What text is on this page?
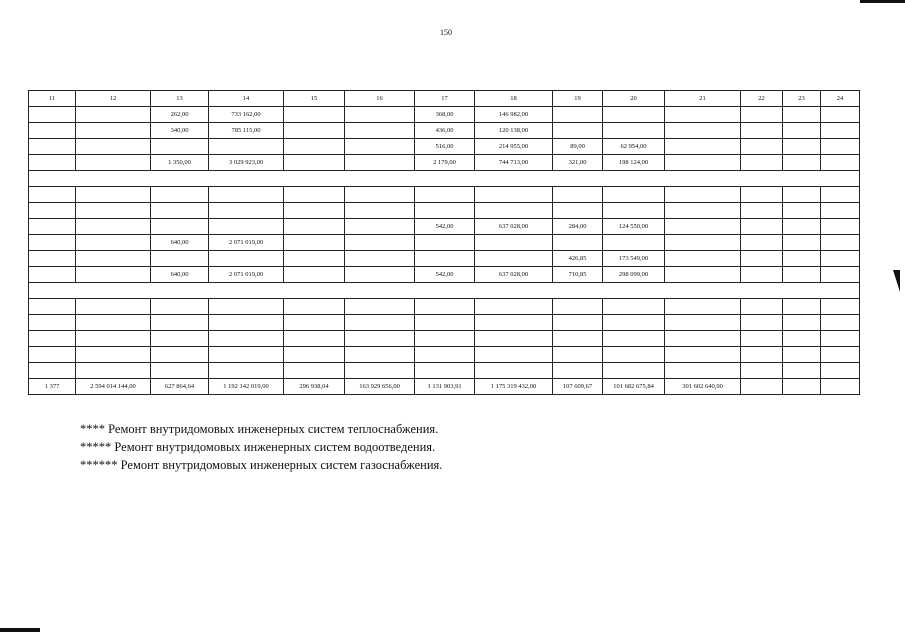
150
11	12	13	14	15	16	17	18	19	20	21	22	23	24
		262,00	733 162,00			368,00	146 982,00						
		340,00	785 115,00			436,00	120 138,00						
						516,00	214 955,00	89,00	62 954,00				
		1 350,00	3 029 923,00			2 179,00	744 713,00	321,00	198 124,00				

						542,00	637 028,00	284,00	124 550,00				
		640,00	2 071 019,00										
								426,85	173 549,00				
		640,00	2 071 019,00			542,00	637 028,00	710,85	298 099,00				

1 377	2 594 014 144,00	627 864,64	1 192 142 019,00	296 938,04	163 929 656,00	1 131 903,91	1 175 319 432,00	107 609,67	101 682 675,84	301 602 640,00			
**** Ремонт внутридомовых инженерных систем теплоснабжения.
***** Ремонт внутридомовых инженерных систем водоотведения.
****** Ремонт внутридомовых инженерных систем газоснабжения.
